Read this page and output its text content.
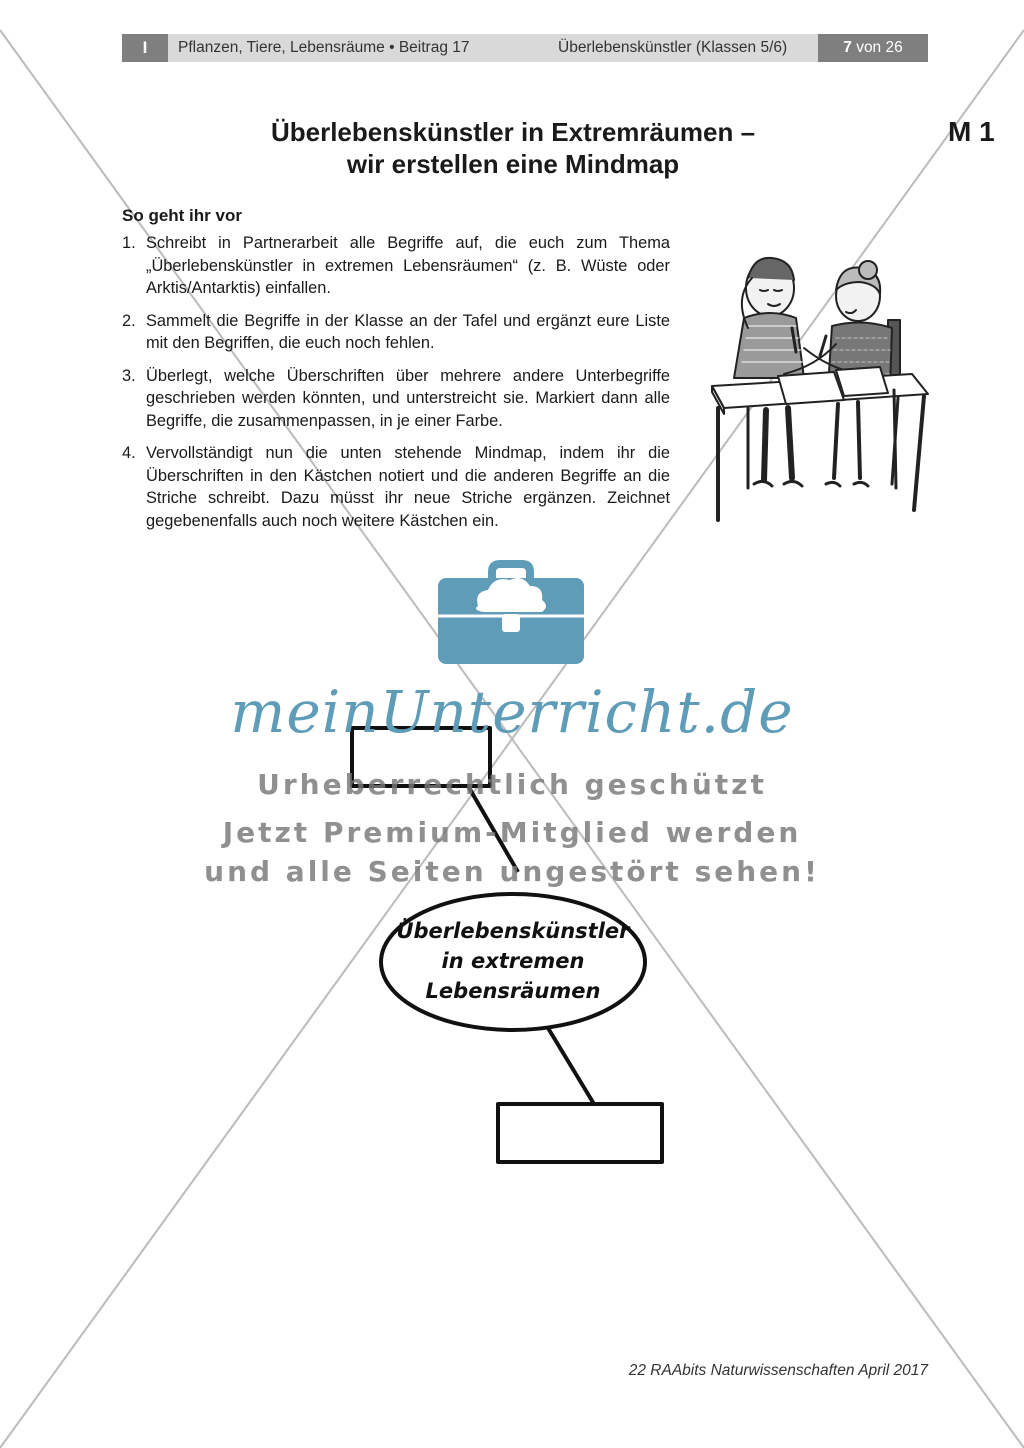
I	Pflanzen, Tiere, Lebensräume • Beitrag 17	Überlebenskünstler (Klassen 5/6)	7 von 26
Überlebenskünstler in Extremräumen –
wir erstellen eine Mindmap
M 1
So geht ihr vor
1. Schreibt in Partnerarbeit alle Begriffe auf, die euch zum Thema „Überlebenskünstler in extremen Lebensräumen“ (z. B. Wüste oder Arktis/Antarktis) einfallen.
2. Sammelt die Begriffe in der Klasse an der Tafel und ergänzt eure Liste mit den Begriffen, die euch noch fehlen.
3. Überlegt, welche Überschriften über mehrere andere Unterbegriffe geschrieben werden könnten, und unterstreicht sie. Markiert dann alle Begriffe, die zusammenpassen, in je einer Farbe.
4. Vervollständigt nun die unten stehende Mindmap, indem ihr die Überschriften in den Kästchen notiert und die anderen Begriffe an die Striche schreibt. Dazu müsst ihr neue Striche ergänzen. Zeichnet gegebenenfalls auch noch weitere Kästchen ein.
meinUnterricht.de
Urheberrechtlich geschützt
Jetzt Premium-Mitglied werden
und alle Seiten ungestört sehen!
Überlebenskünstler
in extremen
Lebensräumen
22 RAAbits Naturwissenschaften April 2017
